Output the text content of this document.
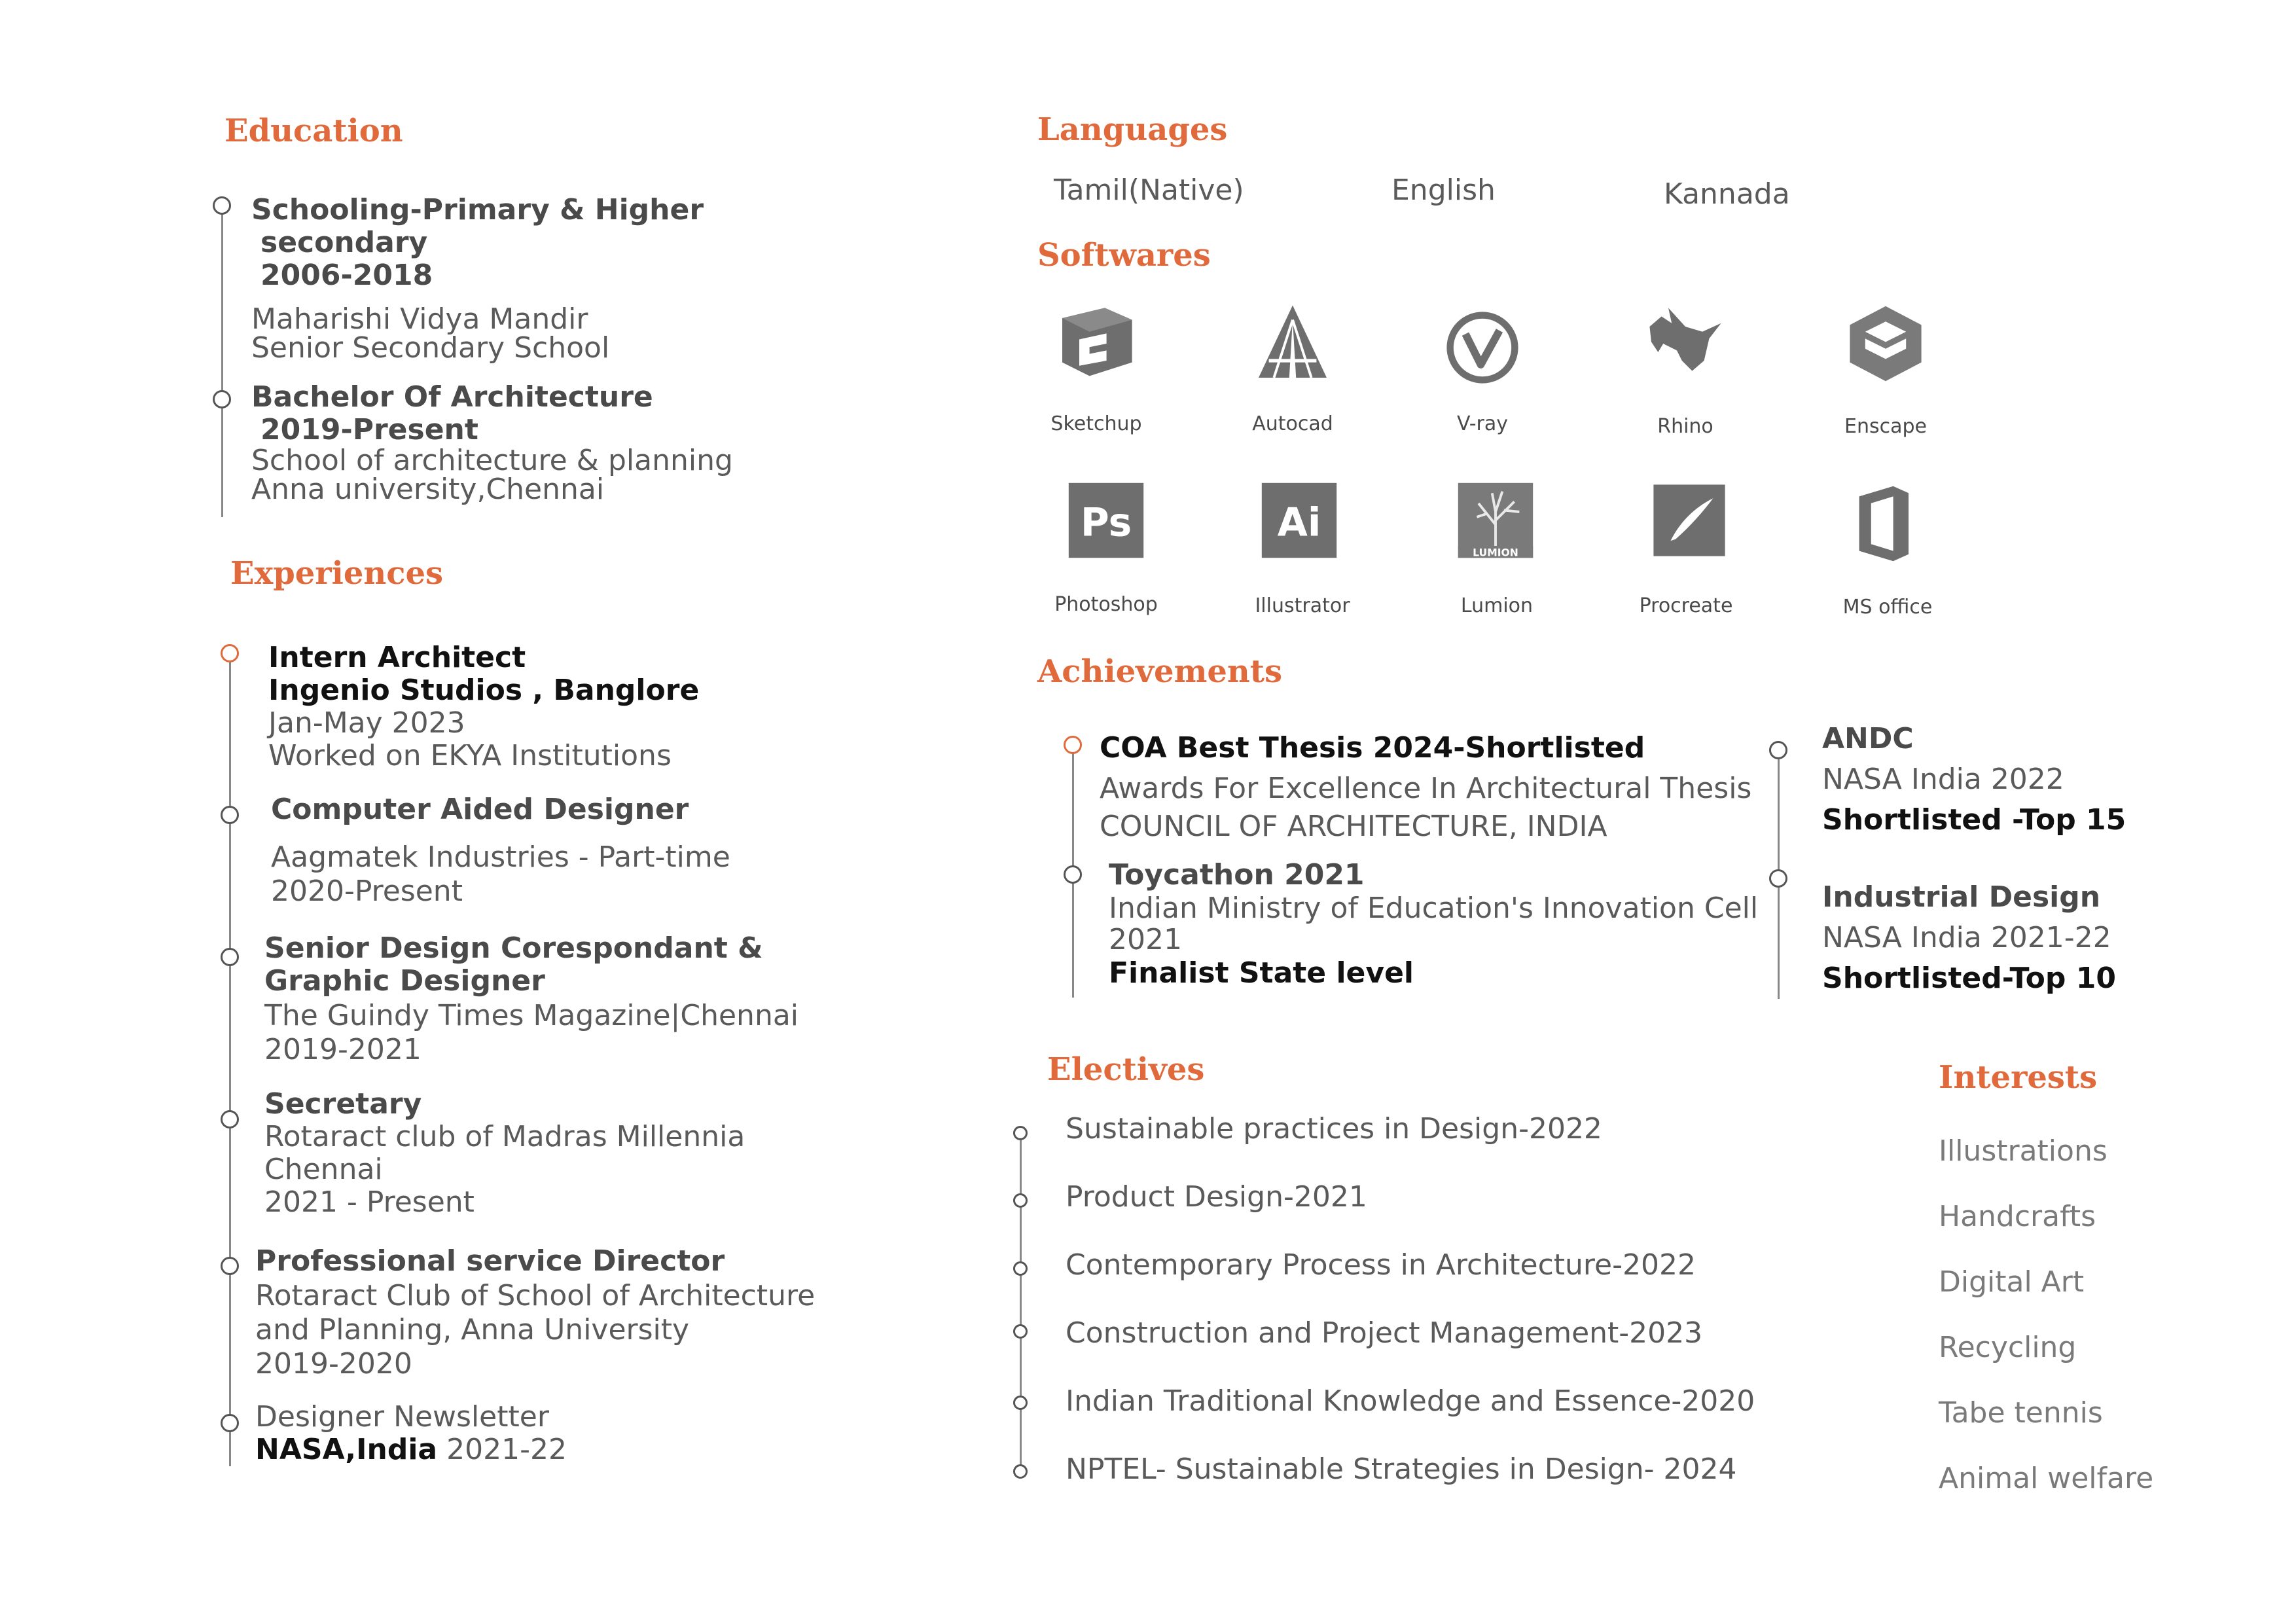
Education
Schooling-Primary & Higher
secondary
2006-2018
Maharishi Vidya Mandir
Senior Secondary School
Bachelor Of Architecture
2019-Present
School of architecture & planning
Anna university,Chennai
Experiences
Intern Architect
Ingenio Studios , Banglore
Jan-May 2023
Worked on EKYA Institutions
Computer Aided Designer
Aagmatek Industries - Part-time
2020-Present
Senior Design Corespondant &
Graphic Designer
The Guindy Times Magazine|Chennai
2019-2021
Secretary
Rotaract club of Madras Millennia
Chennai
2021 - Present
Professional service Director
Rotaract Club of School of Architecture
and Planning, Anna University
2019-2020
Designer Newsletter
NASA,India 2021-22
Languages
Tamil(Native)	English	Kannada
Softwares
Sketchup	Autocad	V-ray	Rhino	Enscape
Ps	Ai
LUMION
Photoshop	Illustrator	Lumion	Procreate	MS office
Achievements
COA Best Thesis 2024-Shortlisted
Awards For Excellence In Architectural Thesis
COUNCIL OF ARCHITECTURE, INDIA
Toycathon 2021
Indian Ministry of Education's Innovation Cell
2021
Finalist State level
ANDC
NASA India 2022
Shortlisted -Top 15
Industrial Design
NASA India 2021-22
Shortlisted-Top 10
Electives
Sustainable practices in Design-2022
Product Design-2021
Contemporary Process in Architecture-2022
Construction and Project Management-2023
Indian Traditional Knowledge and Essence-2020
NPTEL- Sustainable Strategies in Design- 2024
Interests
Illustrations
Handcrafts
Digital Art
Recycling
Tabe tennis
Animal welfare
